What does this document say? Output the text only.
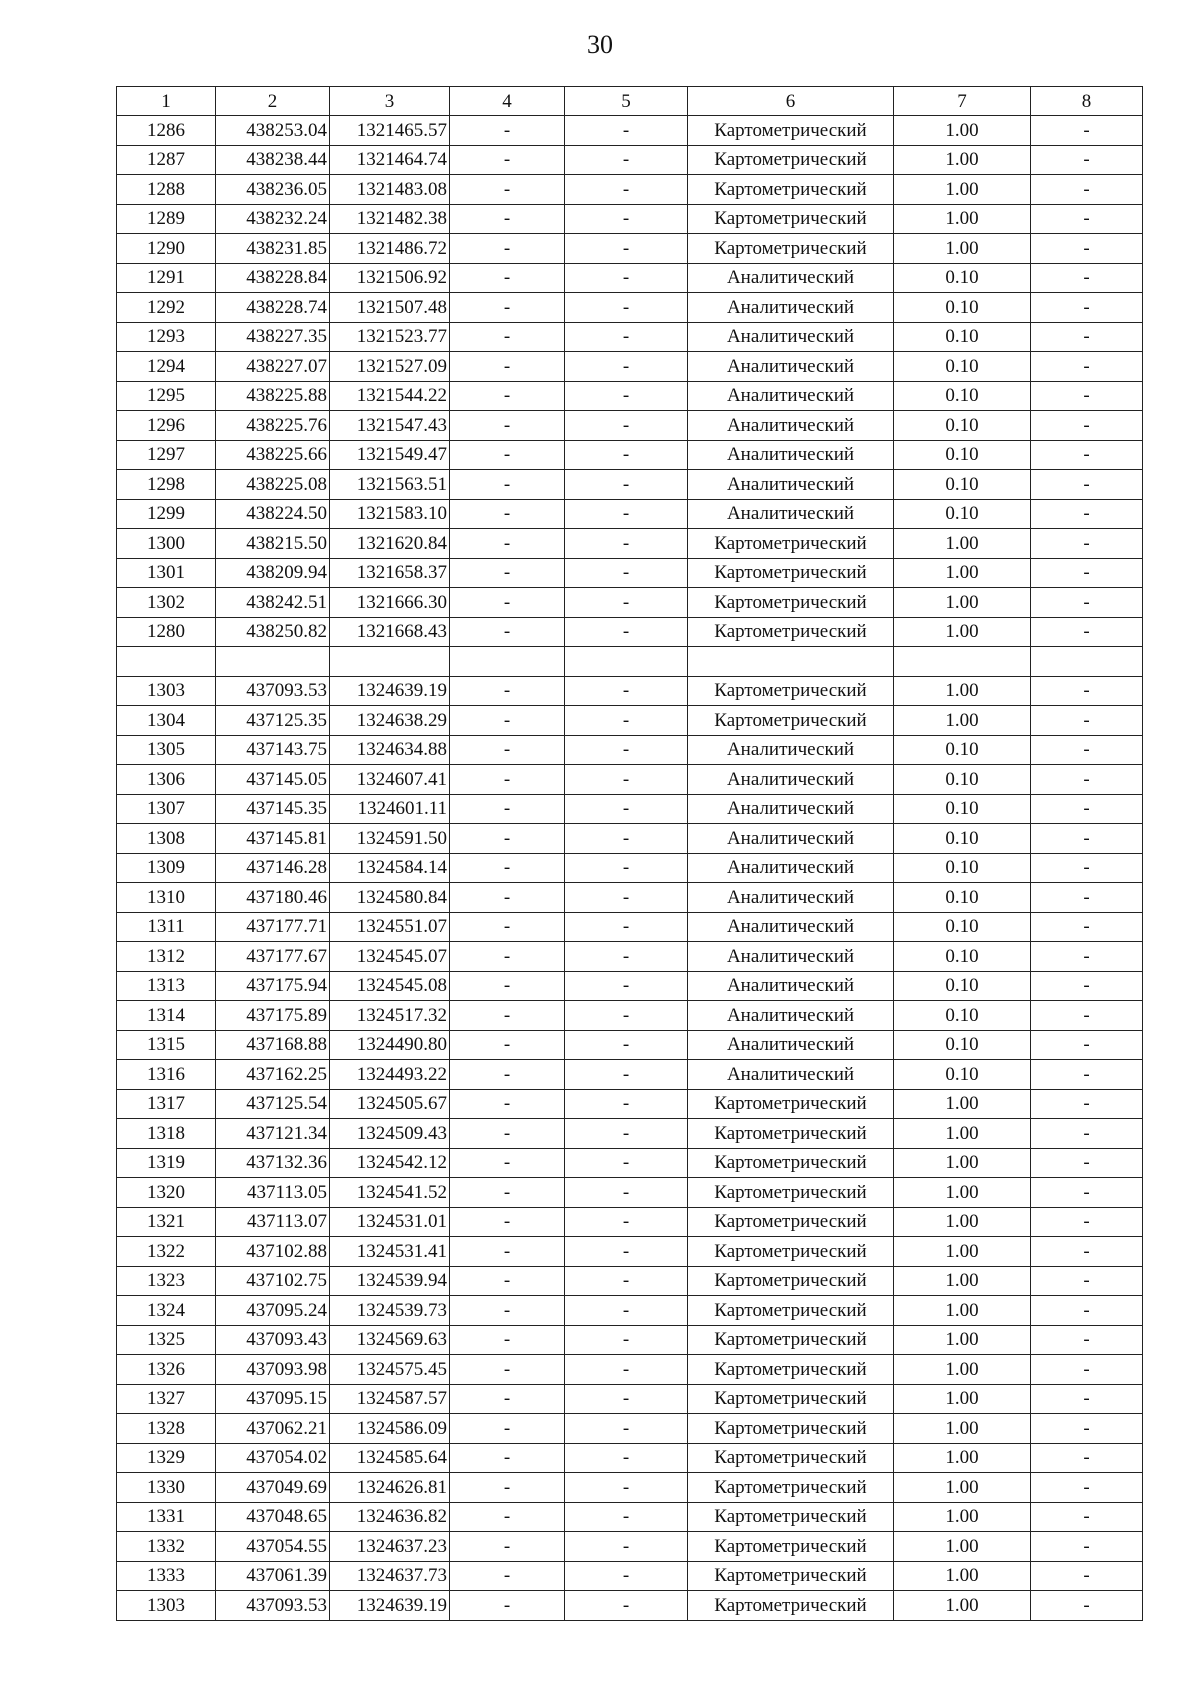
30
1	2	3	4	5	6	7	8
1286	438253.04	1321465.57	-	-	Картометрический	1.00	-
1287	438238.44	1321464.74	-	-	Картометрический	1.00	-
1288	438236.05	1321483.08	-	-	Картометрический	1.00	-
1289	438232.24	1321482.38	-	-	Картометрический	1.00	-
1290	438231.85	1321486.72	-	-	Картометрический	1.00	-
1291	438228.84	1321506.92	-	-	Аналитический	0.10	-
1292	438228.74	1321507.48	-	-	Аналитический	0.10	-
1293	438227.35	1321523.77	-	-	Аналитический	0.10	-
1294	438227.07	1321527.09	-	-	Аналитический	0.10	-
1295	438225.88	1321544.22	-	-	Аналитический	0.10	-
1296	438225.76	1321547.43	-	-	Аналитический	0.10	-
1297	438225.66	1321549.47	-	-	Аналитический	0.10	-
1298	438225.08	1321563.51	-	-	Аналитический	0.10	-
1299	438224.50	1321583.10	-	-	Аналитический	0.10	-
1300	438215.50	1321620.84	-	-	Картометрический	1.00	-
1301	438209.94	1321658.37	-	-	Картометрический	1.00	-
1302	438242.51	1321666.30	-	-	Картометрический	1.00	-
1280	438250.82	1321668.43	-	-	Картометрический	1.00	-

1303	437093.53	1324639.19	-	-	Картометрический	1.00	-
1304	437125.35	1324638.29	-	-	Картометрический	1.00	-
1305	437143.75	1324634.88	-	-	Аналитический	0.10	-
1306	437145.05	1324607.41	-	-	Аналитический	0.10	-
1307	437145.35	1324601.11	-	-	Аналитический	0.10	-
1308	437145.81	1324591.50	-	-	Аналитический	0.10	-
1309	437146.28	1324584.14	-	-	Аналитический	0.10	-
1310	437180.46	1324580.84	-	-	Аналитический	0.10	-
1311	437177.71	1324551.07	-	-	Аналитический	0.10	-
1312	437177.67	1324545.07	-	-	Аналитический	0.10	-
1313	437175.94	1324545.08	-	-	Аналитический	0.10	-
1314	437175.89	1324517.32	-	-	Аналитический	0.10	-
1315	437168.88	1324490.80	-	-	Аналитический	0.10	-
1316	437162.25	1324493.22	-	-	Аналитический	0.10	-
1317	437125.54	1324505.67	-	-	Картометрический	1.00	-
1318	437121.34	1324509.43	-	-	Картометрический	1.00	-
1319	437132.36	1324542.12	-	-	Картометрический	1.00	-
1320	437113.05	1324541.52	-	-	Картометрический	1.00	-
1321	437113.07	1324531.01	-	-	Картометрический	1.00	-
1322	437102.88	1324531.41	-	-	Картометрический	1.00	-
1323	437102.75	1324539.94	-	-	Картометрический	1.00	-
1324	437095.24	1324539.73	-	-	Картометрический	1.00	-
1325	437093.43	1324569.63	-	-	Картометрический	1.00	-
1326	437093.98	1324575.45	-	-	Картометрический	1.00	-
1327	437095.15	1324587.57	-	-	Картометрический	1.00	-
1328	437062.21	1324586.09	-	-	Картометрический	1.00	-
1329	437054.02	1324585.64	-	-	Картометрический	1.00	-
1330	437049.69	1324626.81	-	-	Картометрический	1.00	-
1331	437048.65	1324636.82	-	-	Картометрический	1.00	-
1332	437054.55	1324637.23	-	-	Картометрический	1.00	-
1333	437061.39	1324637.73	-	-	Картометрический	1.00	-
1303	437093.53	1324639.19	-	-	Картометрический	1.00	-
